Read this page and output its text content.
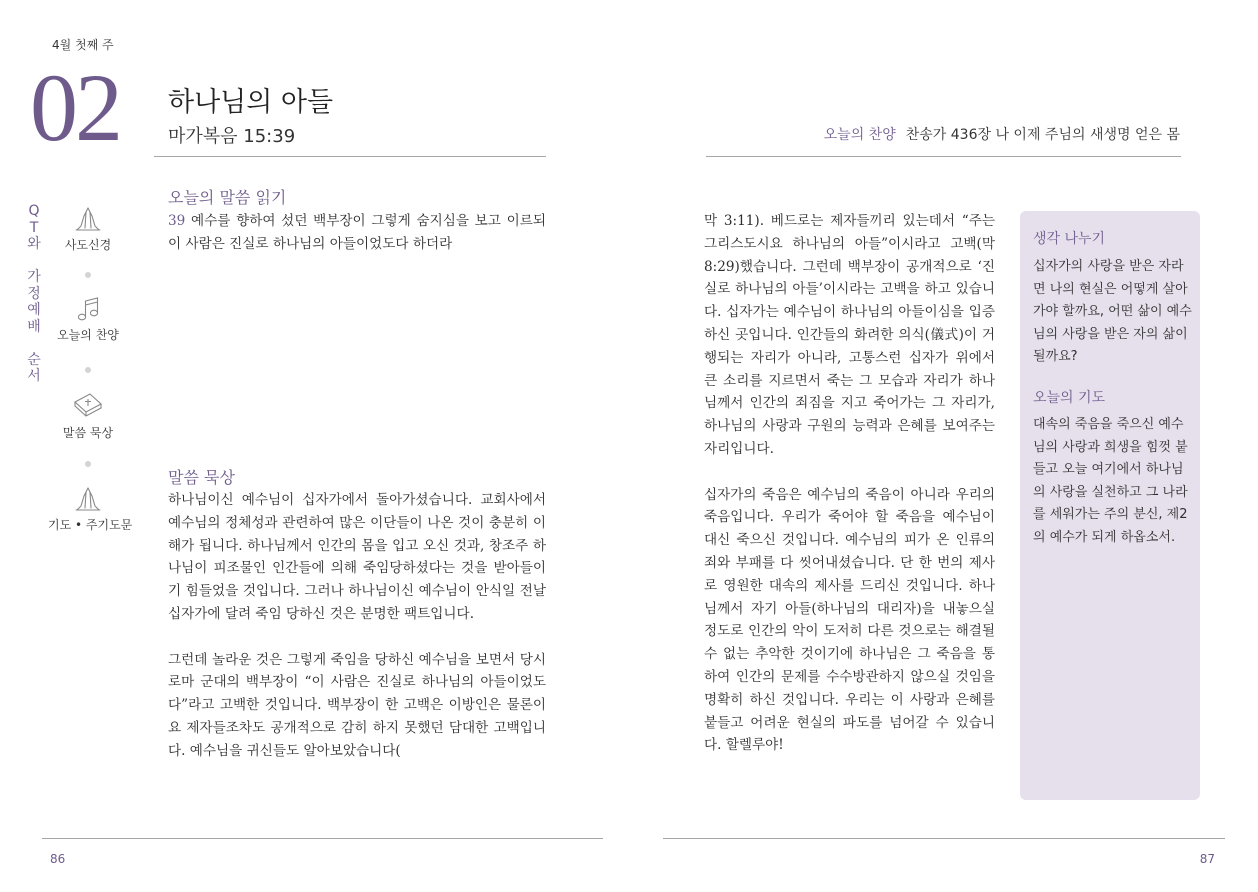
4월 첫째 주
02 하나님의 아들
마가복음 15:39
Q
T
와

가
정
예
배

순
서
사도신경
오늘의 찬양
말씀 묵상
기도 • 주기도문
오늘의 말씀 읽기
39 예수를 향하여 섰던 백부장이 그렇게 숨지심을 보고 이르되 이 사람은 진실로 하나님의 아들이었도다 하더라
말씀 묵상

하나님이신 예수님이 십자가에서 돌아가셨습니다. 교회사에서 예수님의 정체성과 관련하여 많은 이단들이 나온 것이 충분히 이해가 됩니다. 하나님께서 인간의 몸을 입고 오신 것과, 창조주 하나님이 피조물인 인간들에 의해 죽임당하셨다는 것을 받아들이기 힘들었을 것입니다. 그러나 하나님이신 예수님이 안식일 전날 십자가에 달려 죽임 당하신 것은 분명한 팩트입니다.

그런데 놀라운 것은 그렇게 죽임을 당하신 예수님을 보면서 당시 로마 군대의 백부장이 “이 사람은 진실로 하나님의 아들이었도다”라고 고백한 것입니다. 백부장이 한 고백은 이방인은 물론이요 제자들조차도 공개적으로 감히 하지 못했던 담대한 고백입니다. 예수님을 귀신들도 알아보았습니다(

86
오늘의 찬양 찬송가 436장 나 이제 주님의 새생명 얻은 몸

막 3:11). 베드로는 제자들끼리 있는데서 “주는 그리스도시요 하나님의 아들”이시라고 고백(막 8:29)했습니다. 그런데 백부장이 공개적으로 ‘진실로 하나님의 아들’이시라는 고백을 하고 있습니다. 십자가는 예수님이 하나님의 아들이심을 입증하신 곳입니다. 인간들의 화려한 의식(儀式)이 거행되는 자리가 아니라, 고통스런 십자가 위에서 큰 소리를 지르면서 죽는 그 모습과 자리가 하나님께서 인간의 죄짐을 지고 죽어가는 그 자리가, 하나님의 사랑과 구원의 능력과 은혜를 보여주는 자리입니다.

십자가의 죽음은 예수님의 죽음이 아니라 우리의 죽음입니다. 우리가 죽어야 할 죽음을 예수님이 대신 죽으신 것입니다. 예수님의 피가 온 인류의 죄와 부패를 다 씻어내셨습니다. 단 한 번의 제사로 영원한 대속의 제사를 드리신 것입니다. 하나님께서 자기 아들(하나님의 대리자)을 내놓으실 정도로 인간의 악이 도저히 다른 것으로는 해결될 수 없는 추악한 것이기에 하나님은 그 죽음을 통하여 인간의 문제를 수수방관하지 않으실 것임을 명확히 하신 것입니다. 우리는 이 사랑과 은혜를 붙들고 어려운 현실의 파도를 넘어갈 수 있습니다. 할렐루야!

생각 나누기
십자가의 사랑을 받은 자라면 나의 현실은 어떻게 살아가야 할까요, 어떤 삶이 예수님의 사랑을 받은 자의 삶이 될까요?
오늘의 기도
대속의 죽음을 죽으신 예수님의 사랑과 희생을 힘껏 붙들고 오늘 여기에서 하나님의 사랑을 실천하고 그 나라를 세워가는 주의 분신, 제2의 예수가 되게 하옵소서.
87
